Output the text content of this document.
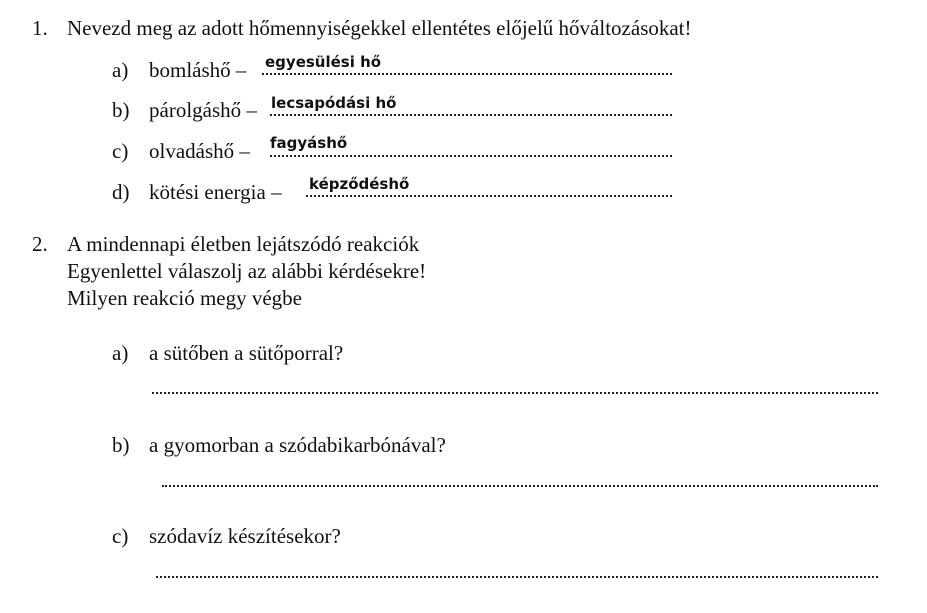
1. Nevezd meg az adott hőmennyiségekkel ellentétes előjelű hőváltozásokat!
a) bomláshő – egyesülési hő
b) párolgáshő – lecsapódási hő
c) olvadáshő – fagyáshő
d) kötési energia – képződéshő
2. A mindennapi életben lejátszódó reakciók
Egyenlettel válaszolj az alábbi kérdésekre!
Milyen reakció megy végbe
a) a sütőben a sütőporral?
b) a gyomorban a szódabikarbónával?
c) szódavíz készítésekor?
